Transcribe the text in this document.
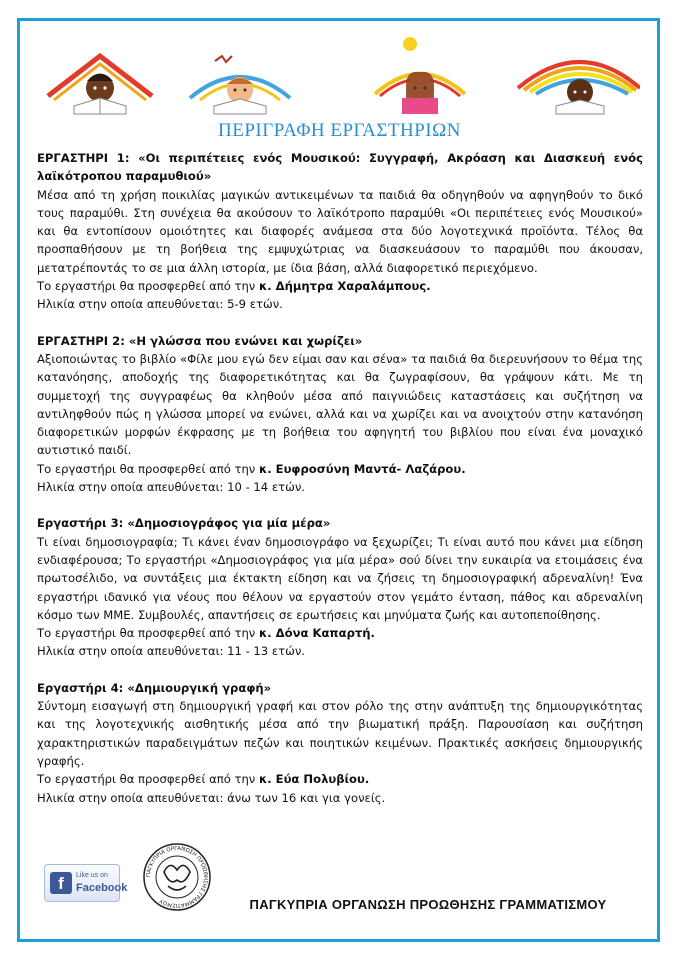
ΠΕΡΙΓΡΑΦΗ ΕΡΓΑΣΤΗΡΙΩΝ

ΕΡΓΑΣΤΗΡΙ 1: «Οι περιπέτειες ενός Μουσικού: Συγγραφή, Ακρόαση και Διασκευή ενός λαϊκότροπου παραμυθιού»

Μέσα από τη χρήση ποικιλίας μαγικών αντικειμένων τα παιδιά θα οδηγηθούν να αφηγηθούν το δικό τους παραμύθι. Στη συνέχεια θα ακούσουν το λαϊκότροπο παραμύθι «Οι περιπέτειες ενός Μουσικού» και θα εντοπίσουν ομοιότητες και διαφορές ανάμεσα στα δύο λογοτεχνικά προϊόντα. Τέλος θα προσπαθήσουν με τη βοήθεια της εμψυχώτριας να διασκευάσουν το παραμύθι που άκουσαν, μετατρέποντάς το σε μια άλλη ιστορία, με ίδια βάση, αλλά διαφορετικό περιεχόμενο.

Το εργαστήρι θα προσφερθεί από την κ. Δήμητρα Χαραλάμπους.

Ηλικία στην οποία απευθύνεται: 5-9 ετών.

ΕΡΓΑΣΤΗΡΙ 2: «Η γλώσσα που ενώνει και χωρίζει»

Αξιοποιώντας το βιβλίο «Φίλε μου εγώ δεν είμαι σαν και σένα» τα παιδιά θα διερευνήσουν το θέμα της κατανόησης, αποδοχής της διαφορετικότητας και θα ζωγραφίσουν, θα γράψουν κάτι. Με τη συμμετοχή της συγγραφέως θα κληθούν μέσα από παιγνιώδεις καταστάσεις και συζήτηση να αντιληφθούν πώς η γλώσσα μπορεί να ενώνει, αλλά και να χωρίζει και να ανοιχτούν στην κατανόηση διαφορετικών μορφών έκφρασης με τη βοήθεια του αφηγητή του βιβλίου που είναι ένα μοναχικό αυτιστικό παιδί.

Το εργαστήρι θα προσφερθεί από την κ. Ευφροσύνη Μαντά- Λαζάρου.

Ηλικία στην οποία απευθύνεται: 10 - 14 ετών.

Εργαστήρι 3: «Δημοσιογράφος για μία μέρα»

Τι είναι δημοσιογραφία; Τι κάνει έναν δημοσιογράφο να ξεχωρίζει; Τι είναι αυτό που κάνει μια είδηση ενδιαφέρουσα; Το εργαστήρι «Δημοσιογράφος για μία μέρα» σού δίνει την ευκαιρία να ετοιμάσεις ένα πρωτοσέλιδο, να συντάξεις μια έκτακτη είδηση και να ζήσεις τη δημοσιογραφική αδρεναλίνη! Ένα εργαστήρι ιδανικό για νέους που θέλουν να εργαστούν στον γεμάτο ένταση, πάθος και αδρεναλίνη κόσμο των ΜΜΕ. Συμβουλές, απαντήσεις σε ερωτήσεις και μηνύματα ζωής και αυτοπεποίθησης.

Το εργαστήρι θα προσφερθεί από την κ. Δόνα Καπαρτή.

Ηλικία στην οποία απευθύνεται: 11 - 13 ετών.

Εργαστήρι 4: «Δημιουργική γραφή»

Σύντομη εισαγωγή στη δημιουργική γραφή και στον ρόλο της στην ανάπτυξη της δημιουργικότητας και της λογοτεχνικής αισθητικής μέσα από την βιωματική πράξη. Παρουσίαση και συζήτηση χαρακτηριστικών παραδειγμάτων πεζών και ποιητικών κειμένων. Πρακτικές ασκήσεις δημιουργικής γραφής.

Το εργαστήρι θα προσφερθεί από την κ. Εύα Πολυβίου.

Ηλικία στην οποία απευθύνεται: άνω των 16 και για γονείς.

f	Like us on
Facebook
ΠΑΓΚΥΠΡΙΑ ΟΡΓΑΝΩΣΗ ΠΡΟΩΘΗΣΗΣ ΓΡΑΜΜΑΤΙΣΜΟΥ	ΠΑΓΚΥΠΡΙΑ ΟΡΓΑΝΩΣΗ ΠΡΟΩΘΗΣΗΣ ΓΡΑΜΜΑΤΙΣΜΟΥ
